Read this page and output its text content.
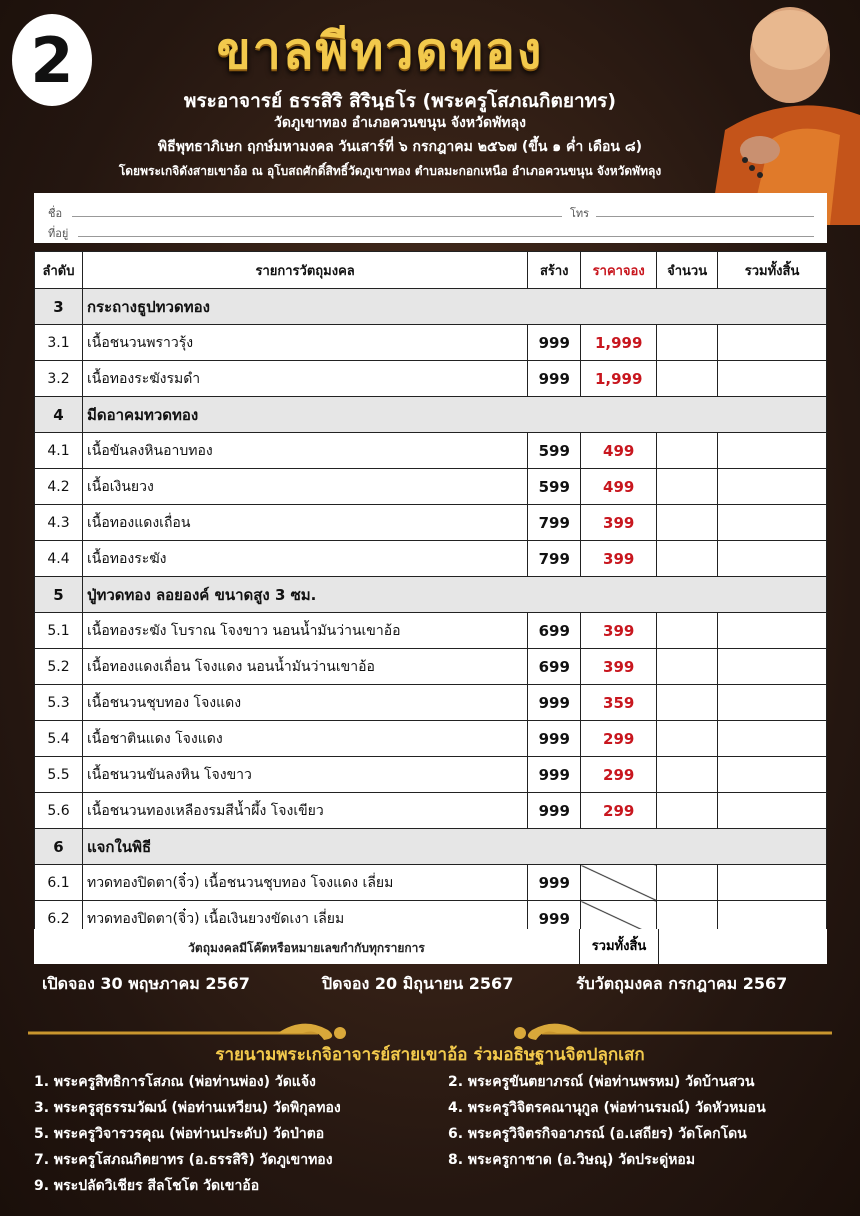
2	ขาลพีทวดทอง
พระอาจารย์ ธรรสิริ สิรินฺธโร (พระครูโสภณกิตยาทร)
วัดภูเขาทอง อำเภอควนขนุน จังหวัดพัทลุง
พิธีพุทธาภิเษก ฤกษ์มหามงคล วันเสาร์ที่ ๖ กรกฎาคม ๒๕๖๗ (ขึ้น ๑ ค่ำ เดือน ๘)
โดยพระเกจิดังสายเขาอ้อ ณ อุโบสถศักดิ์สิทธิ์วัดภูเขาทอง ตำบลมะกอกเหนือ อำเภอควนขนุน จังหวัดพัทลุง
ชื่อ	โทร
ที่อยู่
ลำดับ	รายการวัตถุมงคล	สร้าง	ราคาจอง	จำนวน	รวมทั้งสิ้น
3	กระถางธูปทวดทอง				
3.1	เนื้อชนวนพราวรุ้ง	999	1,999		
3.2	เนื้อทองระฆังรมดำ	999	1,999		
4	มีดอาคมทวดทอง				
4.1	เนื้อขันลงหินอาบทอง	599	499		
4.2	เนื้อเงินยวง	599	499		
4.3	เนื้อทองแดงเถื่อน	799	399		
4.4	เนื้อทองระฆัง	799	399		
5	ปู่ทวดทอง ลอยองค์ ขนาดสูง 3 ซม.				
5.1	เนื้อทองระฆัง โบราณ โจงขาว นอนน้ำมันว่านเขาอ้อ	699	399		
5.2	เนื้อทองแดงเถื่อน โจงแดง นอนน้ำมันว่านเขาอ้อ	699	399		
5.3	เนื้อชนวนชุบทอง โจงแดง	999	359		
5.4	เนื้อชาตินแดง โจงแดง	999	299		
5.5	เนื้อชนวนขันลงหิน โจงขาว	999	299		
5.6	เนื้อชนวนทองเหลืองรมสีน้ำผึ้ง โจงเขียว	999	299		
6	แจกในพิธี				
6.1	ทวดทองปิดตา(จิ๋ว) เนื้อชนวนชุบทอง โจงแดง เลี่ยม	999			
6.2	ทวดทองปิดตา(จิ๋ว) เนื้อเงินยวงขัดเงา เลี่ยม	999			
วัตถุมงคลมีโค๊ตหรือหมายเลขกำกับทุกรายการ	รวมทั้งสิ้น
เปิดจอง 30 พฤษภาคม 2567	ปิดจอง 20 มิถุนายน 2567	รับวัตถุมงคล กรกฎาคม 2567
รายนามพระเกจิอาจารย์สายเขาอ้อ ร่วมอธิษฐานจิตปลุกเสก
1. พระครูสิทธิการโสภณ (พ่อท่านพ่อง) วัดแจ้ง	2. พระครูขันตยาภรณ์ (พ่อท่านพรหม) วัดบ้านสวน
3. พระครูสุธรรมวัฒน์ (พ่อท่านเหวียน) วัดพิกุลทอง	4. พระครูวิจิตรคณานุกูล (พ่อท่านรมณ์) วัดหัวหมอน
5. พระครูวิจารวรคุณ (พ่อท่านประดับ) วัดป่าตอ	6. พระครูวิจิตรกิจอาภรณ์ (อ.เสถียร) วัดโคกโดน
7. พระครูโสภณกิตยาทร (อ.ธรรสิริ) วัดภูเขาทอง	8. พระครูกาชาด (อ.วิษณุ) วัดประดู่หอม
9. พระปลัดวิเชียร สีลโชโต วัดเขาอ้อ
